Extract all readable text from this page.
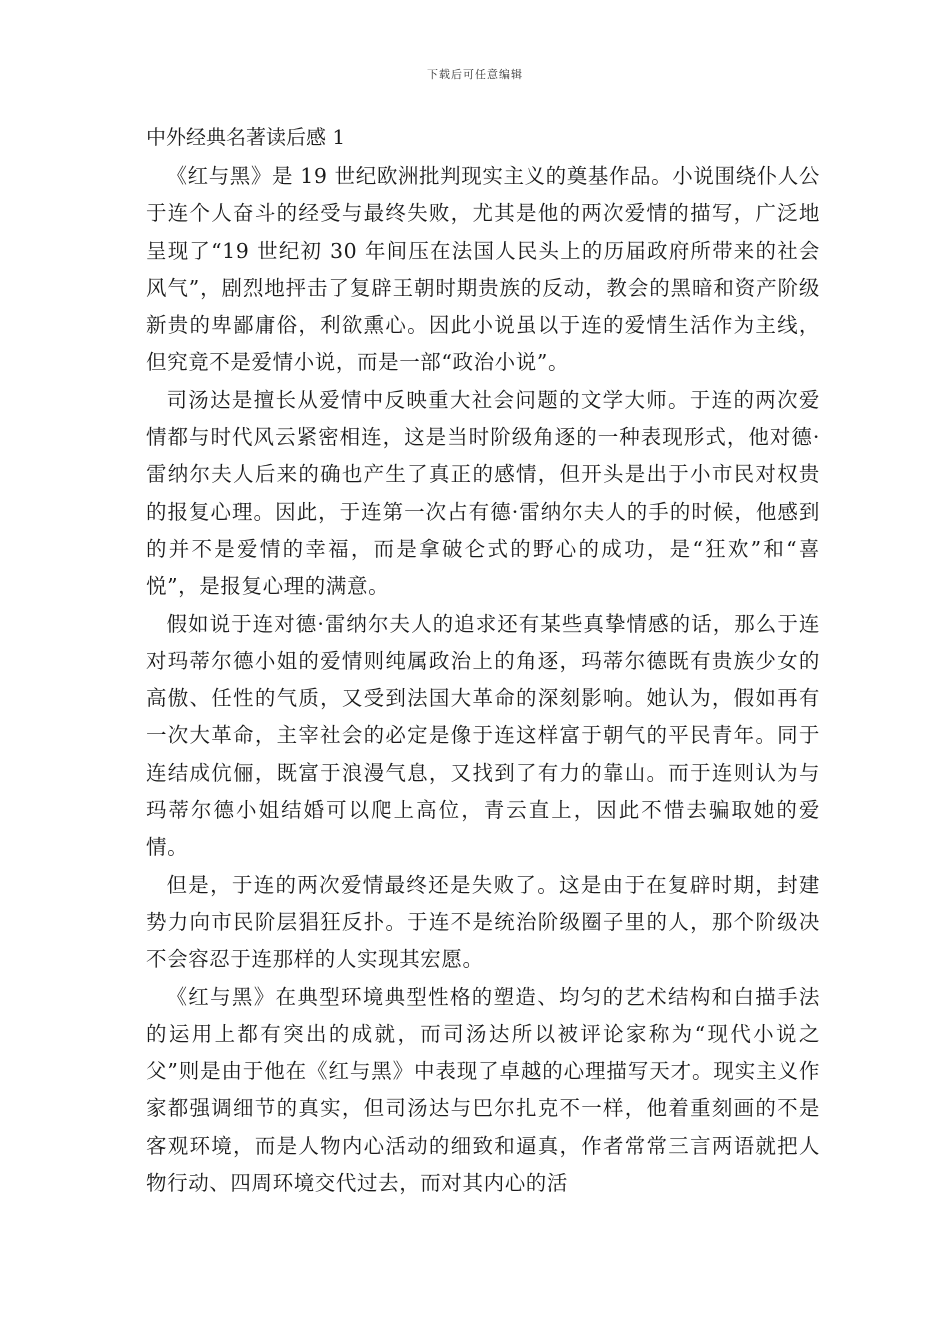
下载后可任意编辑
中外经典名著读后感 1

《红与黑》是 19 世纪欧洲批判现实主义的奠基作品。小说围绕仆人公于连个人奋斗的经受与最终失败，尤其是他的两次爱情的描写，广泛地呈现了“19 世纪初 30 年间压在法国人民头上的历届政府所带来的社会风气”，剧烈地抨击了复辟王朝时期贵族的反动，教会的黑暗和资产阶级新贵的卑鄙庸俗，利欲熏心。因此小说虽以于连的爱情生活作为主线，但究竟不是爱情小说，而是一部“政治小说”。

司汤达是擅长从爱情中反映重大社会问题的文学大师。于连的两次爱情都与时代风云紧密相连，这是当时阶级角逐的一种表现形式，他对德·雷纳尔夫人后来的确也产生了真正的感情，但开头是出于小市民对权贵的报复心理。因此，于连第一次占有德·雷纳尔夫人的手的时候，他感到的并不是爱情的幸福，而是拿破仑式的野心的成功，是“狂欢”和“喜悦”，是报复心理的满意。

假如说于连对德·雷纳尔夫人的追求还有某些真挚情感的话，那么于连对玛蒂尔德小姐的爱情则纯属政治上的角逐，玛蒂尔德既有贵族少女的高傲、任性的气质，又受到法国大革命的深刻影响。她认为，假如再有一次大革命，主宰社会的必定是像于连这样富于朝气的平民青年。同于连结成伉俪，既富于浪漫气息，又找到了有力的靠山。而于连则认为与玛蒂尔德小姐结婚可以爬上高位，青云直上，因此不惜去骗取她的爱情。

但是，于连的两次爱情最终还是失败了。这是由于在复辟时期，封建势力向市民阶层猖狂反扑。于连不是统治阶级圈子里的人，那个阶级决不会容忍于连那样的人实现其宏愿。

《红与黑》在典型环境典型性格的塑造、均匀的艺术结构和白描手法的运用上都有突出的成就，而司汤达所以被评论家称为“现代小说之父”则是由于他在《红与黑》中表现了卓越的心理描写天才。现实主义作家都强调细节的真实，但司汤达与巴尔扎克不一样，他着重刻画的不是客观环境，而是人物内心活动的细致和逼真，作者常常三言两语就把人物行动、四周环境交代过去，而对其内心的活
